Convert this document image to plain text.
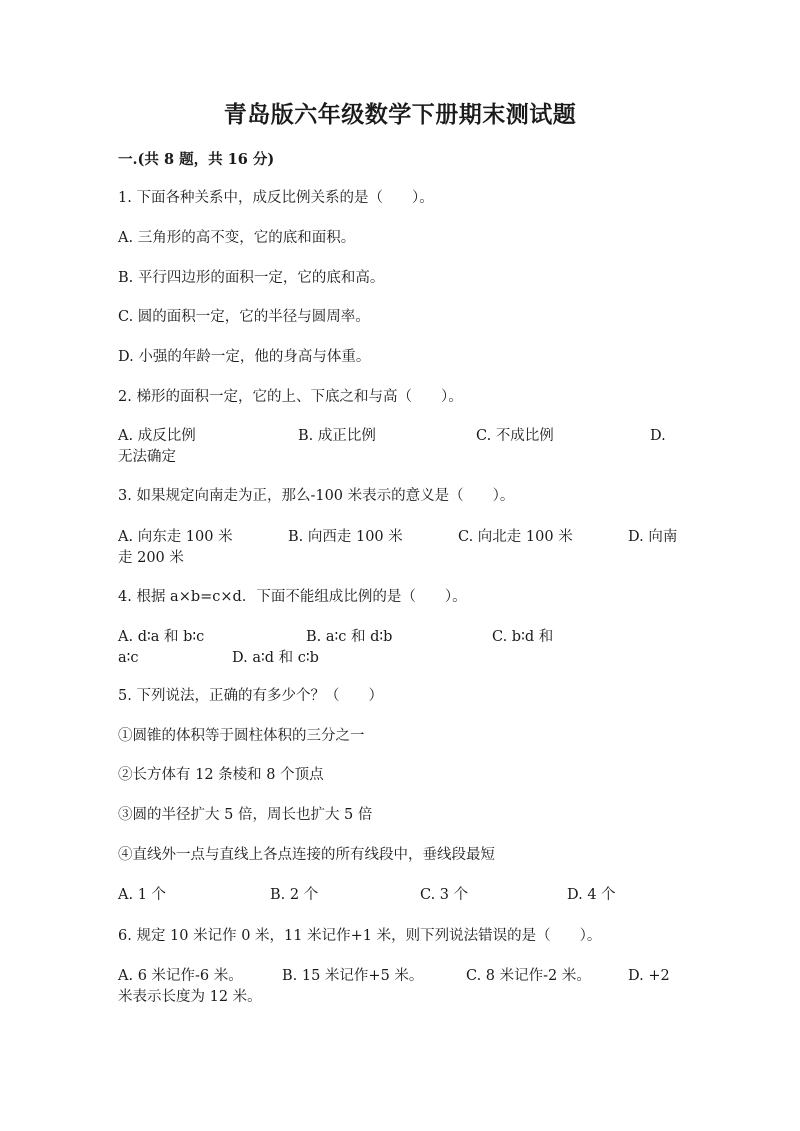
青岛版六年级数学下册期末测试题
一.(共 8 题，共 16 分)
1. 下面各种关系中，成反比例关系的是（　　）。
A. 三角形的高不变，它的底和面积。
B. 平行四边形的面积一定，它的底和高。
C. 圆的面积一定，它的半径与圆周率。
D. 小强的年龄一定，他的身高与体重。
2. 梯形的面积一定，它的上、下底之和与高（　　）。
A. 成反比例	B. 成正比例	C. 不成比例	D.
无法确定
3. 如果规定向南走为正，那么-100 米表示的意义是（　　）。
A. 向东走 100 米	B. 向西走 100 米	C. 向北走 100 米	D. 向南
走 200 米
4. 根据 a×b=c×d．下面不能组成比例的是（　　）。
A. d∶a 和 b∶c	B. a∶c 和 d∶b	C. b∶d 和
a∶c	D. a∶d 和 c∶b
5. 下列说法，正确的有多少个？（　　）
①圆锥的体积等于圆柱体积的三分之一
②长方体有 12 条棱和 8 个顶点
③圆的半径扩大 5 倍，周长也扩大 5 倍
④直线外一点与直线上各点连接的所有线段中，垂线段最短
A. 1 个	B. 2 个	C. 3 个	D. 4 个
6. 规定 10 米记作 0 米，11 米记作+1 米，则下列说法错误的是（　　）。
A. 6 米记作-6 米。	B. 15 米记作+5 米。	C. 8 米记作-2 米。	D. +2
米表示长度为 12 米。
